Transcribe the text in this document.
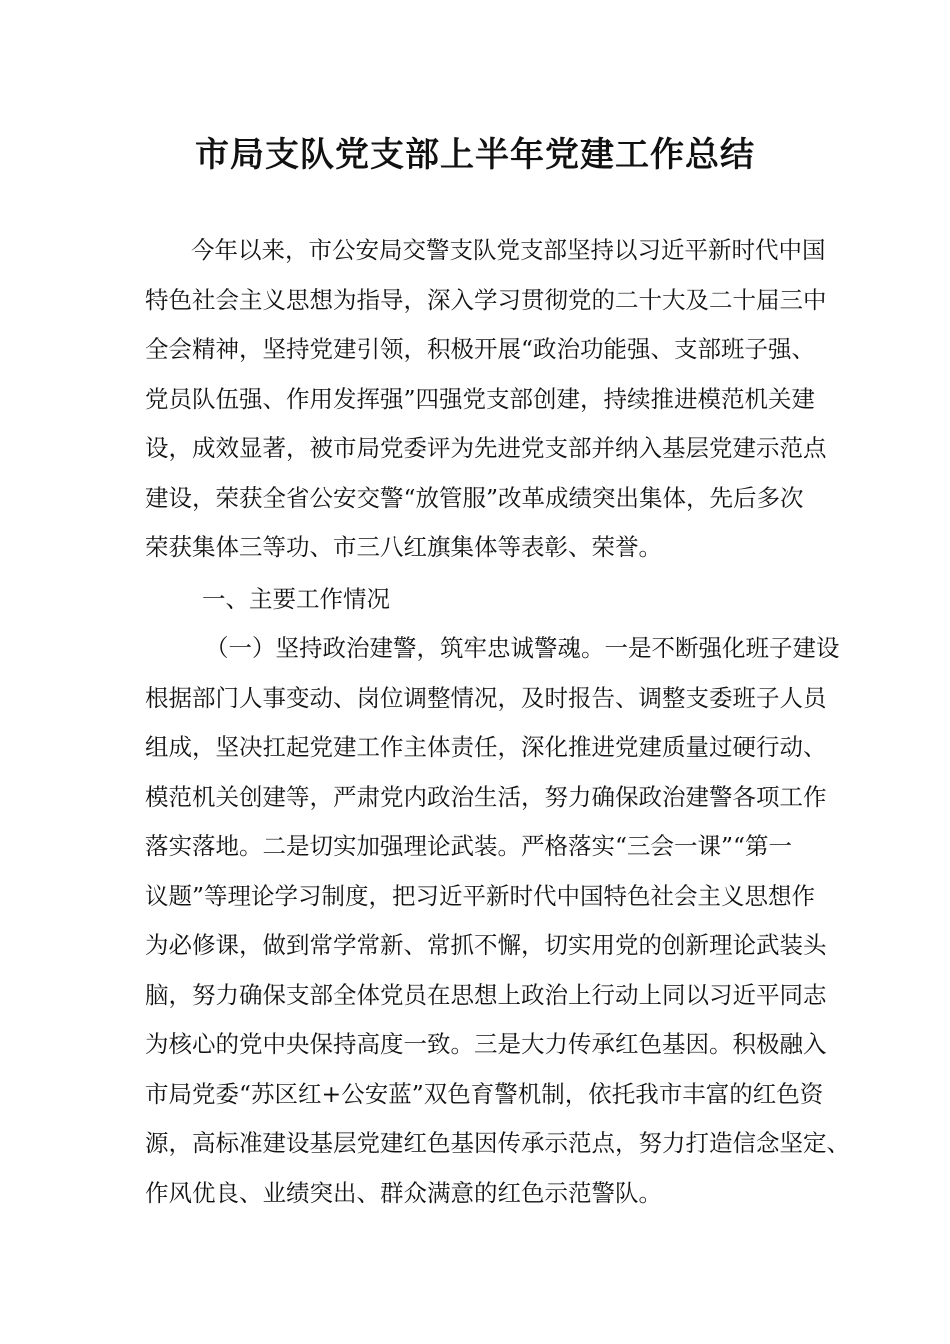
市局支队党支部上半年党建工作总结
今年以来，市公安局交警支队党支部坚持以习近平新时代中国
特色社会主义思想为指导，深入学习贯彻党的二十大及二十届三中
全会精神，坚持党建引领，积极开展“政治功能强、支部班子强、
党员队伍强、作用发挥强”四强党支部创建，持续推进模范机关建
设，成效显著，被市局党委评为先进党支部并纳入基层党建示范点
建设，荣获全省公安交警“放管服”改革成绩突出集体，先后多次
荣获集体三等功、市三八红旗集体等表彰、荣誉。
一、主要工作情况
（一）坚持政治建警，筑牢忠诚警魂。一是不断强化班子建设
根据部门人事变动、岗位调整情况，及时报告、调整支委班子人员
组成，坚决扛起党建工作主体责任，深化推进党建质量过硬行动、
模范机关创建等，严肃党内政治生活，努力确保政治建警各项工作
落实落地。二是切实加强理论武装。严格落实“三会一课”“第一
议题”等理论学习制度，把习近平新时代中国特色社会主义思想作
为必修课，做到常学常新、常抓不懈，切实用党的创新理论武装头
脑，努力确保支部全体党员在思想上政治上行动上同以习近平同志
为核心的党中央保持高度一致。三是大力传承红色基因。积极融入
市局党委“苏区红+公安蓝”双色育警机制，依托我市丰富的红色资
源，高标准建设基层党建红色基因传承示范点，努力打造信念坚定、
作风优良、业绩突出、群众满意的红色示范警队。
